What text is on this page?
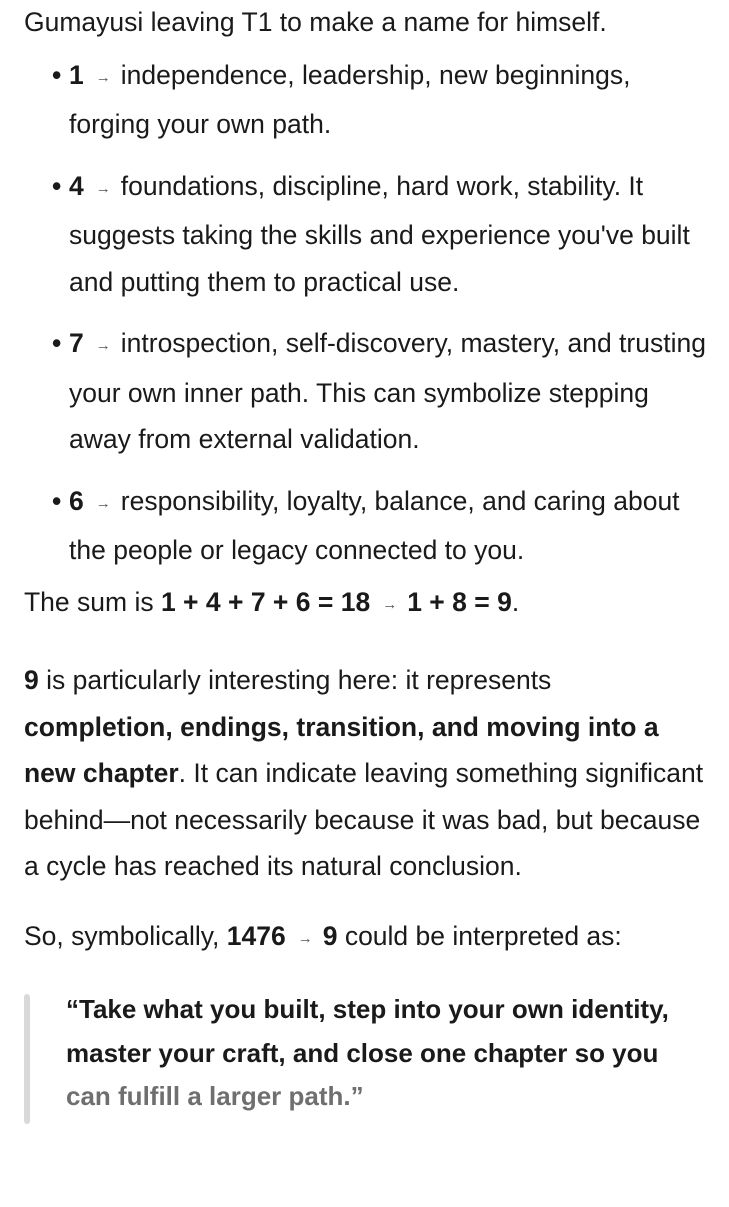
Gumayusi leaving T1 to make a name for himself.

• 1 → independence, leadership, new beginnings, forging your own path.
• 4 → foundations, discipline, hard work, stability. It suggests taking the skills and experience you've built and putting them to practical use.
• 7 → introspection, self-discovery, mastery, and trusting your own inner path. This can symbolize stepping away from external validation.
• 6 → responsibility, loyalty, balance, and caring about the people or legacy connected to you.

The sum is 1 + 4 + 7 + 6 = 18 → 1 + 8 = 9.

9 is particularly interesting here: it represents
completion, endings, transition, and moving into a new chapter. It can indicate leaving something significant behind—not necessarily because it was bad, but because a cycle has reached its natural conclusion.

So, symbolically, 1476 → 9 could be interpreted as:

“Take what you built, step into your own identity,
master your craft, and close one chapter so you
can fulfill a larger path.”
